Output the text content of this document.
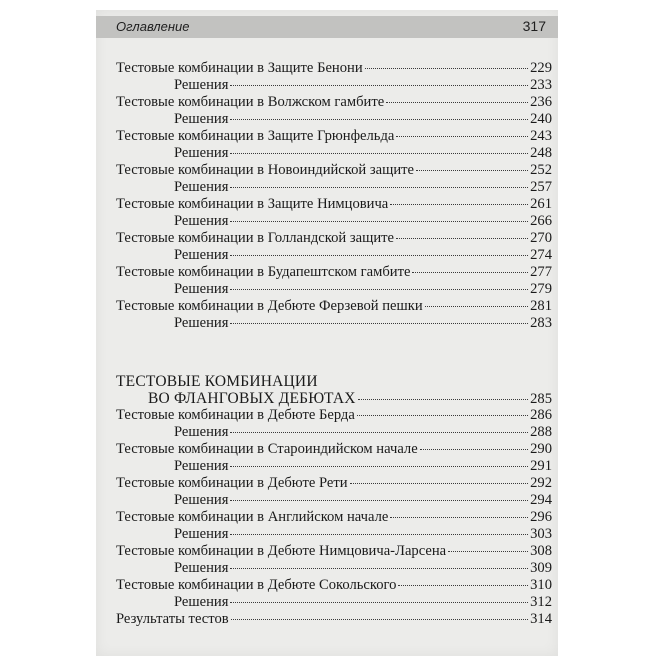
Оглавление	317
Тестовые комбинации в Защите Бенони	229
Решения	233
Тестовые комбинации в Волжском гамбите	236
Решения	240
Тестовые комбинации в Защите Грюнфельда	243
Решения	248
Тестовые комбинации в Новоиндийской защите	252
Решения	257
Тестовые комбинации в Защите Нимцовича	261
Решения	266
Тестовые комбинации в Голландской защите	270
Решения	274
Тестовые комбинации в Будапештском гамбите	277
Решения	279
Тестовые комбинации в Дебюте Ферзевой пешки	281
Решения	283
ТЕСТОВЫЕ КОМБИНАЦИИ
ВО ФЛАНГОВЫХ ДЕБЮТАХ	285
Тестовые комбинации в Дебюте Берда	286
Решения	288
Тестовые комбинации в Староиндийском начале	290
Решения	291
Тестовые комбинации в Дебюте Рети	292
Решения	294
Тестовые комбинации в Английском начале	296
Решения	303
Тестовые комбинации в Дебюте Нимцовича-Ларсена	308
Решения	309
Тестовые комбинации в Дебюте Сокольского	310
Решения	312
Результаты тестов	314
